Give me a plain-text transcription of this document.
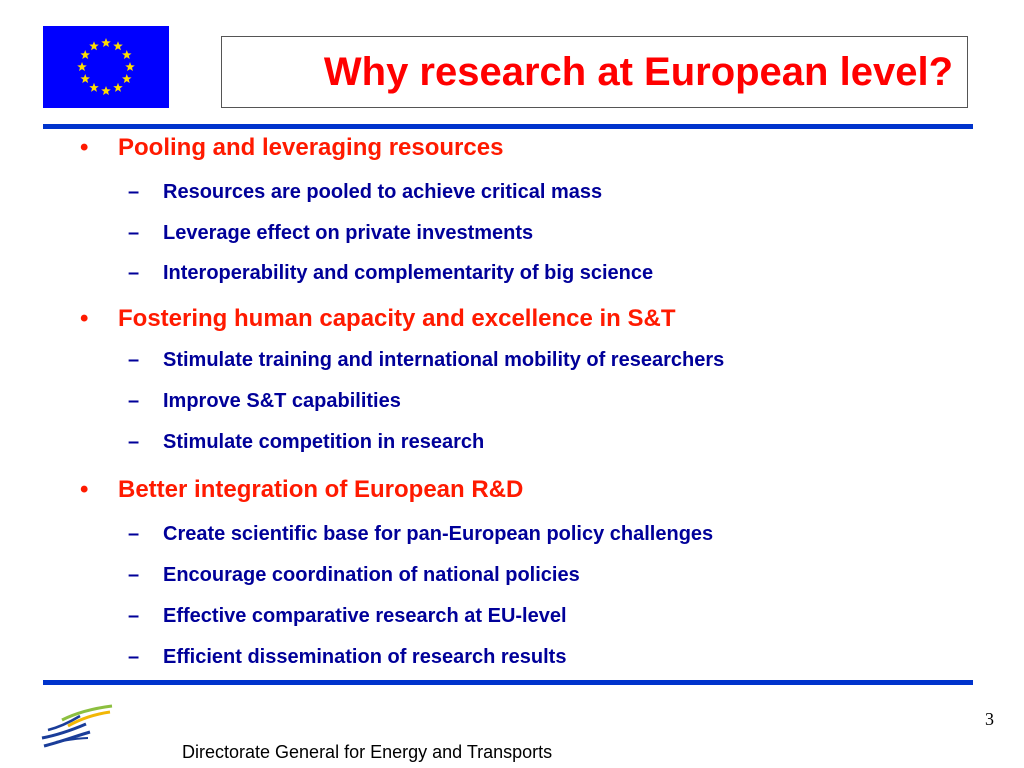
Why research at European level?
• Pooling and leveraging resources
– Resources are pooled to achieve critical mass
– Leverage effect on private investments
– Interoperability and complementarity of big science
• Fostering human capacity and excellence in S&T
– Stimulate training and international mobility of researchers
– Improve S&T capabilities
– Stimulate competition in research
• Better integration of European R&D
– Create scientific base for pan-European policy challenges
– Encourage coordination of national policies
– Effective comparative research at EU-level
– Efficient dissemination of research results
Directorate General for Energy and Transports
3
